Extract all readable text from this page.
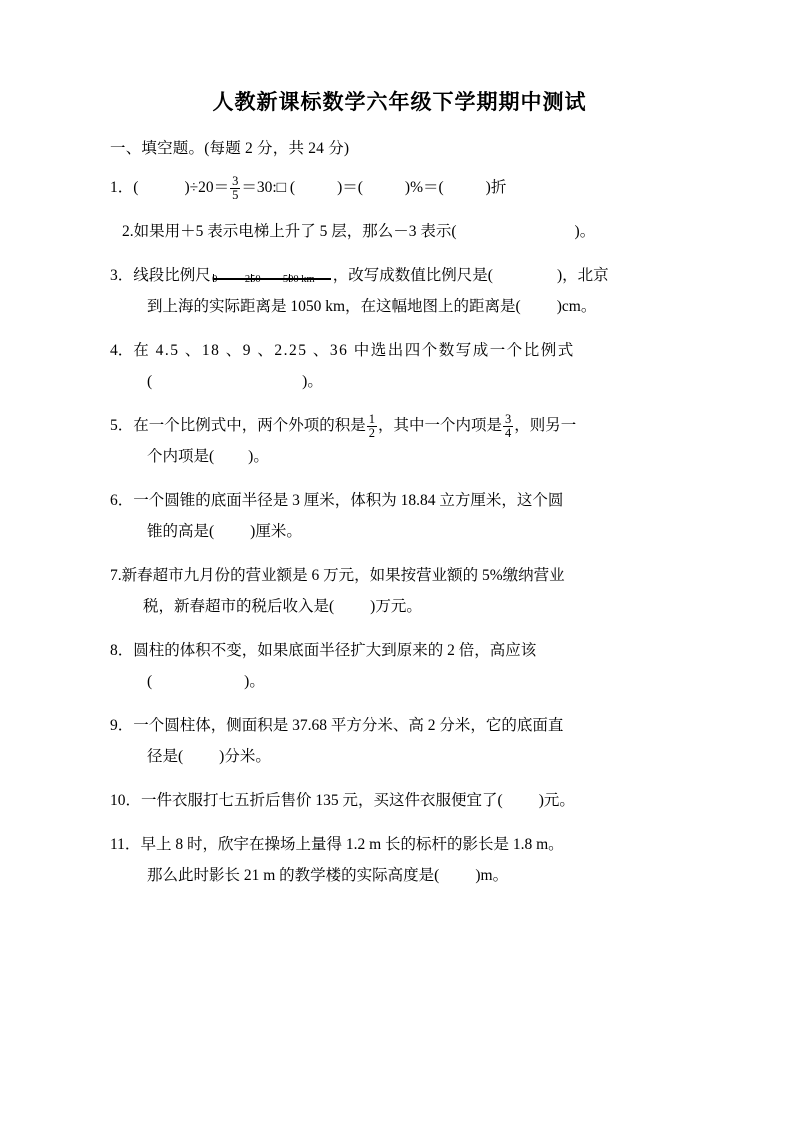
人教新课标数学六年级下学期期中测试
一、填空题。(每题 2 分，共 24 分)
1．(	)$\div 20= \frac{3}{5}$ ＝30:□ (	)＝(	)%＝(	)折
2.如果用＋5 表示电梯上升了 5 层，那么－3 表示(	)。
3．线段比例尺 0	250 500 km ，改写成数值比例尺是(	)，北京
到上海的实际距离是 1050 km，在这幅地图上的距离是( )cm。
4．在 4.5 、18 、9 、2.25 、36 中选出四个数写成一个比例式
(	)。
5．在一个比例式中，两个外项的积是 $\frac{1}{2}$ ，其中一个内项是 $\frac{3}{4}$ ，则另一
个内项是( )。
6．一个圆锥的底面半径是 3 厘米，体积为 18.84 立方厘米，这个圆
锥的高是( )厘米。
7.新春超市九月份的营业额是 6 万元，如果按营业额的 5%缴纳营业
税，新春超市的税后收入是( )万元。
8．圆柱的体积不变，如果底面半径扩大到原来的 2 倍，高应该
(	)。
9．一个圆柱体，侧面积是 37.68 平方分米、高 2 分米，它的底面直
径是( )分米。
10．一件衣服打七五折后售价 135 元，买这件衣服便宜了( )元。
11．早上 8 时，欣宇在操场上量得 1.2 m 长的标杆的影长是 1.8 m。
那么此时影长 21 m 的教学楼的实际高度是( )m。
